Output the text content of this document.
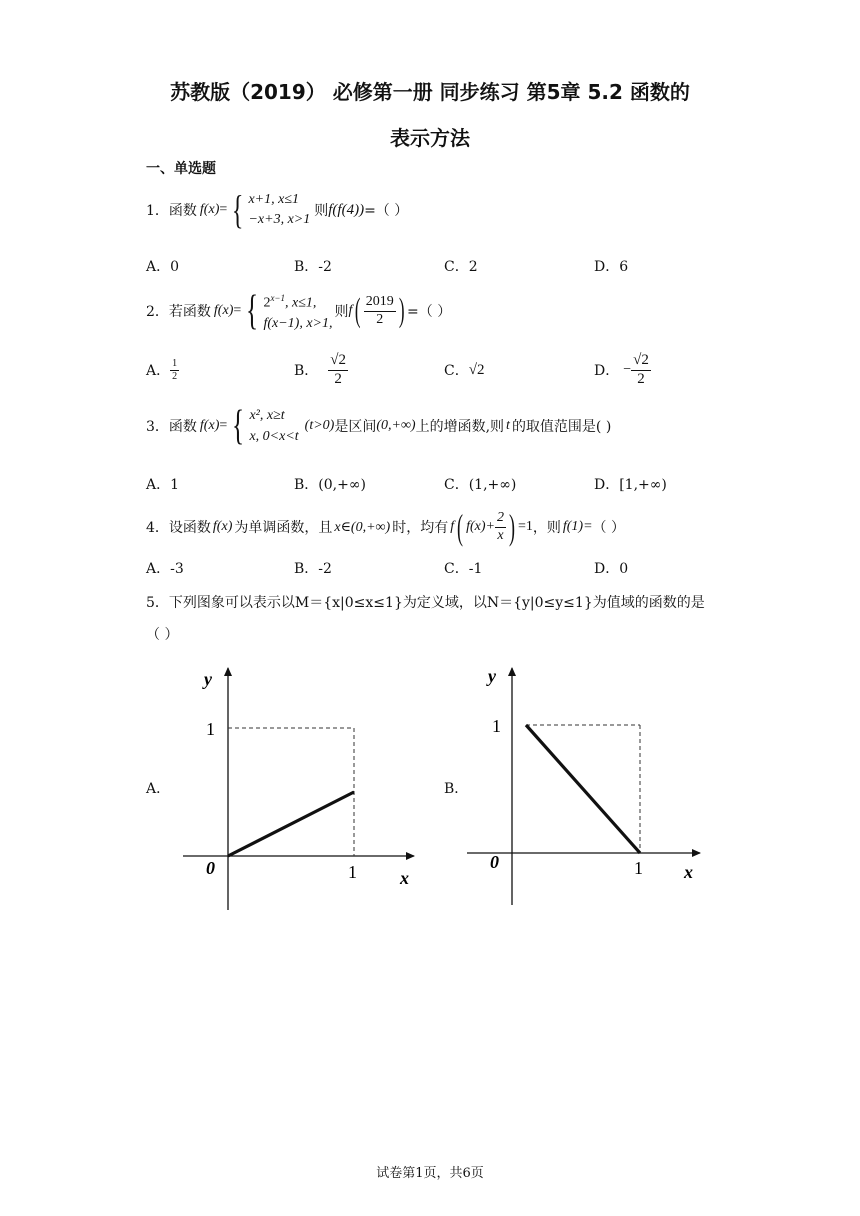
苏教版（2019） 必修第一册 同步练习 第5章 5.2 函数的
表示方法
一、单选题
1． 函数 f(x) = { x+1, x≤1
−x+3, x>1
则 f(f(4)) =（ ）
A．0	B．-2	C．2	D．6
2． 若函数 f(x) = { $2^{x-1}$, x≤1,
f(x−1), x>1,
则 f ( $\frac{2019}{2}$ ) =（ ）
A． $\frac{1}{2}$	B． $\frac{√2}{2}$	C． √2	D． − $\frac{√2}{2}$
3． 函数 f(x) = { x², x≥t
x, 0<x<t
(t>0) 是区间 (0,+∞) 上的增函数,则 t 的取值范围是( )
A．1	B．(0,+∞)	C．(1,+∞)	D．[1,+∞)
4． 设函数 f(x) 为单调函数，且 x∈(0,+∞) 时，均有 f ( $f(x)+ \frac{2}{x}$ ) =1 ，则 f(1)= （ ）
A．-3	B．-2	C．-1	D．0
5．下列图象可以表示以M＝{x|0≤x≤1}为定义域，以N＝{y|0≤y≤1}为值域的函数的是
（ ）
A．	B．
y
x
0	1
1
y
x
0	1
1
试卷第1页，共6页
